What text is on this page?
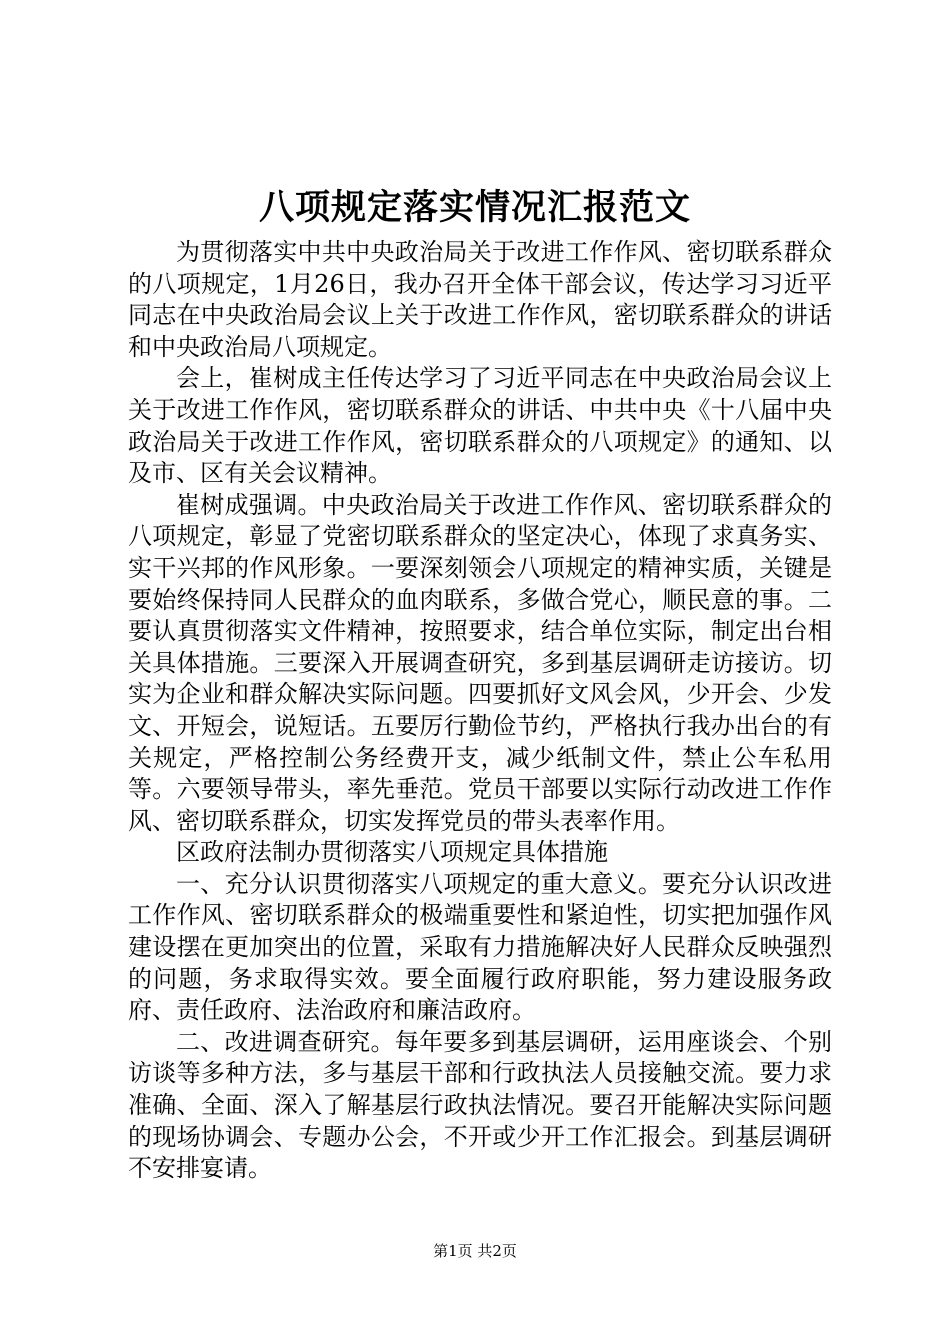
八项规定落实情况汇报范文

为贯彻落实中共中央政治局关于改进工作作风、密切联系群众的八项规定，1月26日，我办召开全体干部会议，传达学习习近平同志在中央政治局会议上关于改进工作作风，密切联系群众的讲话和中央政治局八项规定。

会上，崔树成主任传达学习了习近平同志在中央政治局会议上关于改进工作作风，密切联系群众的讲话、中共中央《十八届中央政治局关于改进工作作风，密切联系群众的八项规定》的通知、以及市、区有关会议精神。

崔树成强调。中央政治局关于改进工作作风、密切联系群众的八项规定，彰显了党密切联系群众的坚定决心，体现了求真务实、实干兴邦的作风形象。一要深刻领会八项规定的精神实质，关键是要始终保持同人民群众的血肉联系，多做合党心，顺民意的事。二要认真贯彻落实文件精神，按照要求，结合单位实际，制定出台相关具体措施。三要深入开展调查研究，多到基层调研走访接访。切实为企业和群众解决实际问题。四要抓好文风会风，少开会、少发文、开短会，说短话。五要厉行勤俭节约，严格执行我办出台的有关规定，严格控制公务经费开支，减少纸制文件，禁止公车私用等。六要领导带头，率先垂范。党员干部要以实际行动改进工作作风、密切联系群众，切实发挥党员的带头表率作用。

区政府法制办贯彻落实八项规定具体措施

一、充分认识贯彻落实八项规定的重大意义。要充分认识改进工作作风、密切联系群众的极端重要性和紧迫性，切实把加强作风建设摆在更加突出的位置，采取有力措施解决好人民群众反映强烈的问题，务求取得实效。要全面履行政府职能，努力建设服务政府、责任政府、法治政府和廉洁政府。

二、改进调查研究。每年要多到基层调研，运用座谈会、个别访谈等多种方法，多与基层干部和行政执法人员接触交流。要力求准确、全面、深入了解基层行政执法情况。要召开能解决实际问题的现场协调会、专题办公会，不开或少开工作汇报会。到基层调研不安排宴请。

第1页 共2页
